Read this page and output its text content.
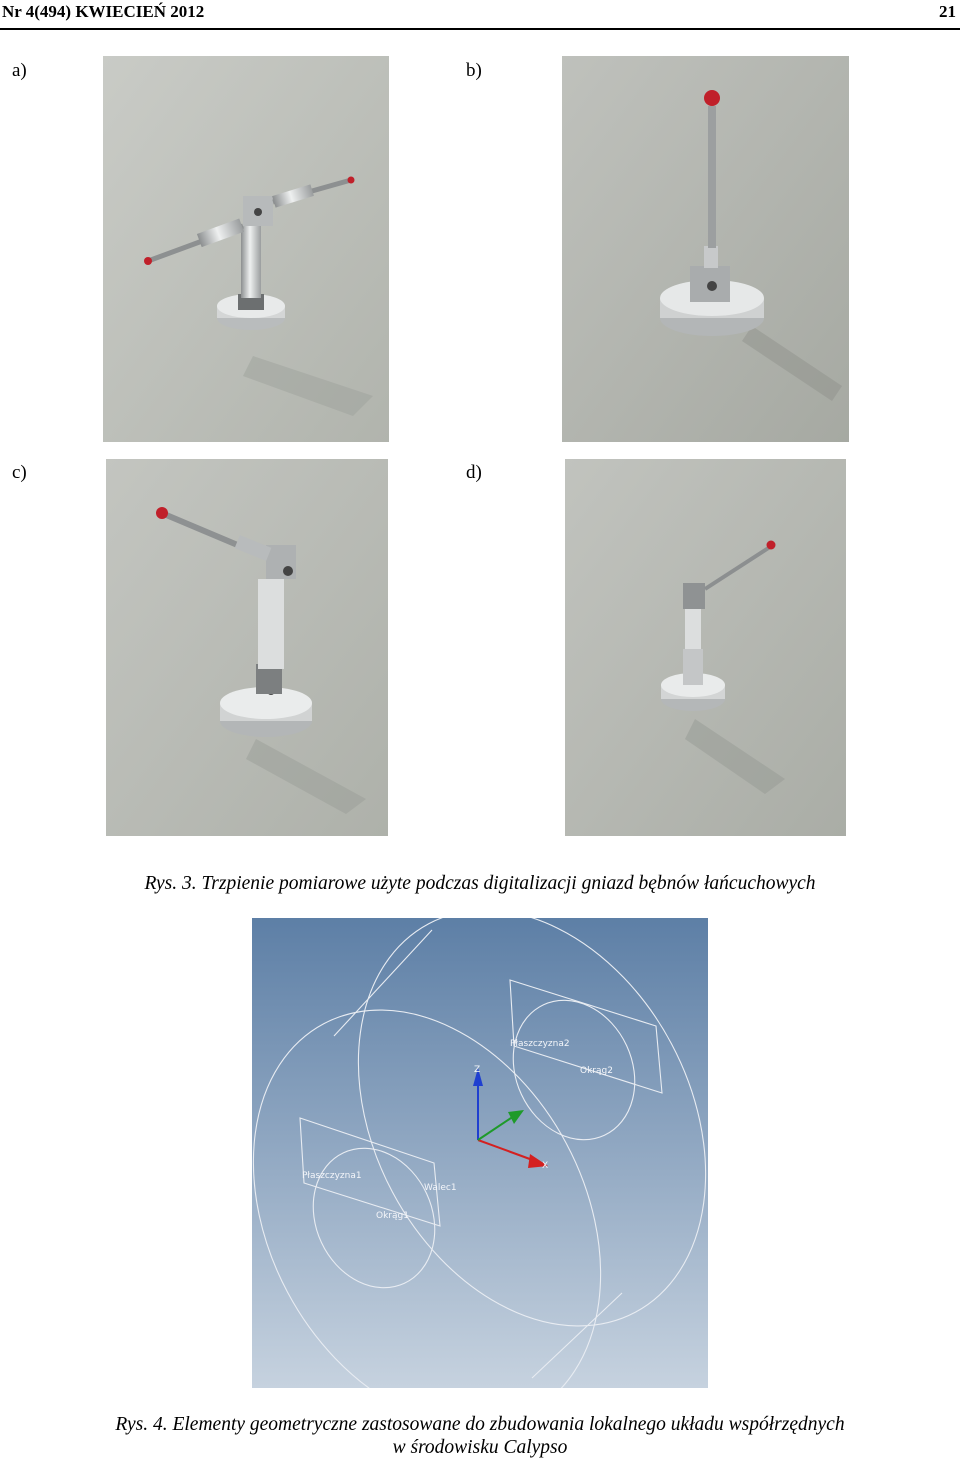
Nr 4(494) KWIECIEŃ 2012	21
a)	b)
c)	d)
Rys. 3. Trzpienie pomiarowe użyte podczas digitalizacji gniazd bębnów łańcuchowych
Płaszczyzna2
Okrąg2
Płaszczyzna1
Walec1
Okrąg1
Z
X
Rys. 4. Elementy geometryczne zastosowane do zbudowania lokalnego układu współrzędnych
w środowisku Calypso
